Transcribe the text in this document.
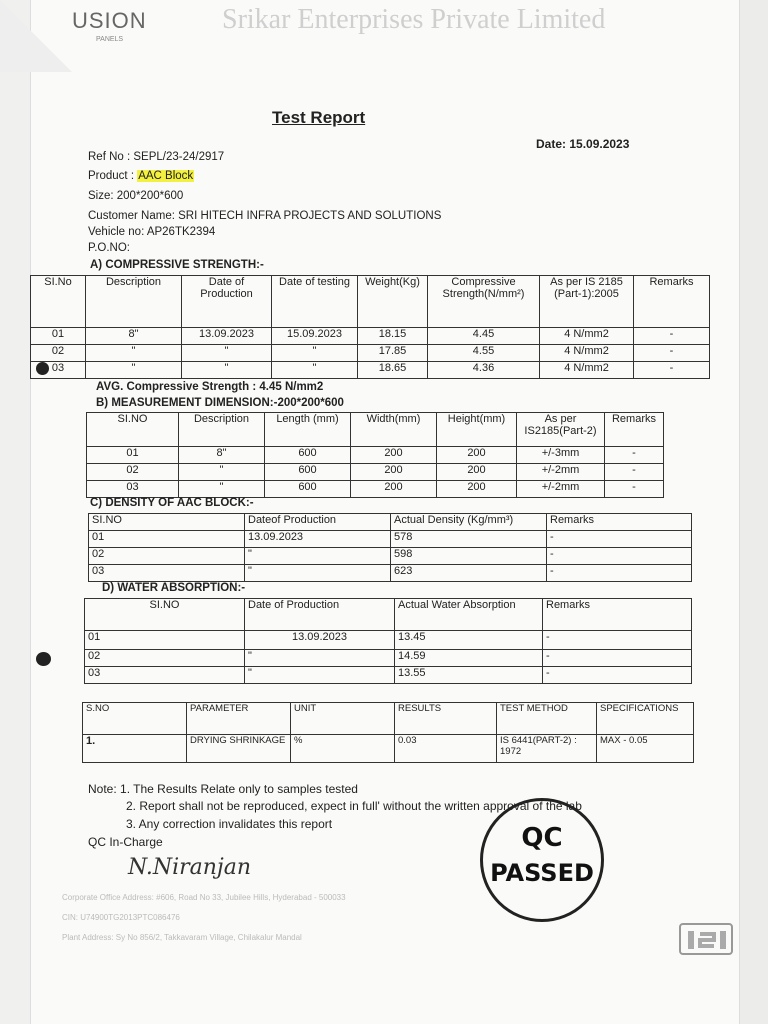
USION
PANELS
Srikar Enterprises Private Limited
Test Report
Date: 15.09.2023
Ref No : SEPL/23-24/2917
Product : AAC Block
Size: 200*200*600
Customer Name: SRI HITECH INFRA PROJECTS AND SOLUTIONS
Vehicle no: AP26TK2394
P.O.NO:
A) COMPRESSIVE STRENGTH:-
SI.No	Description	Date of Production	Date of testing	Weight(Kg)	Compressive Strength(N/mm²)	As per IS 2185 (Part-1):2005	Remarks
01	8"	13.09.2023	15.09.2023	18.15	4.45	4 N/mm2	-
02	"	"	"	17.85	4.55	4 N/mm2	-
03	"	"	"	18.65	4.36	4 N/mm2	-
AVG. Compressive Strength : 4.45 N/mm2
B) MEASUREMENT DIMENSION:-200*200*600
SI.NO	Description	Length (mm)	Width(mm)	Height(mm)	As per IS2185(Part-2)	Remarks
01	8"	600	200	200	+/-3mm	-
02	"	600	200	200	+/-2mm	-
03	"	600	200	200	+/-2mm	-
C) DENSITY OF AAC BLOCK:-
SI.NO	Dateof Production	Actual Density (Kg/mm³)	Remarks
01	13.09.2023	578	-
02	"	598	-
03	"	623	-
D) WATER ABSORPTION:-
SI.NO	Date of Production	Actual Water Absorption	Remarks
01	13.09.2023	13.45	-
02	"	14.59	-
03	"	13.55	-
S.NO	PARAMETER	UNIT	RESULTS	TEST METHOD	SPECIFICATIONS
1.	DRYING SHRINKAGE	%	0.03	IS 6441(PART-2) : 1972	MAX - 0.05
Note: 1. The Results Relate only to samples tested
2. Report shall not be reproduced, expect in full' without the written approval of the lab
3. Any correction invalidates this report
QC In-Charge
N.Niranjan
QC
PASSED
Corporate Office Address: #606, Road No 33, Jubilee Hills, Hyderabad - 500033
CIN: U74900TG2013PTC086476
Plant Address: Sy No 856/2, Takkavaram Village, Chilakalur Mandal
